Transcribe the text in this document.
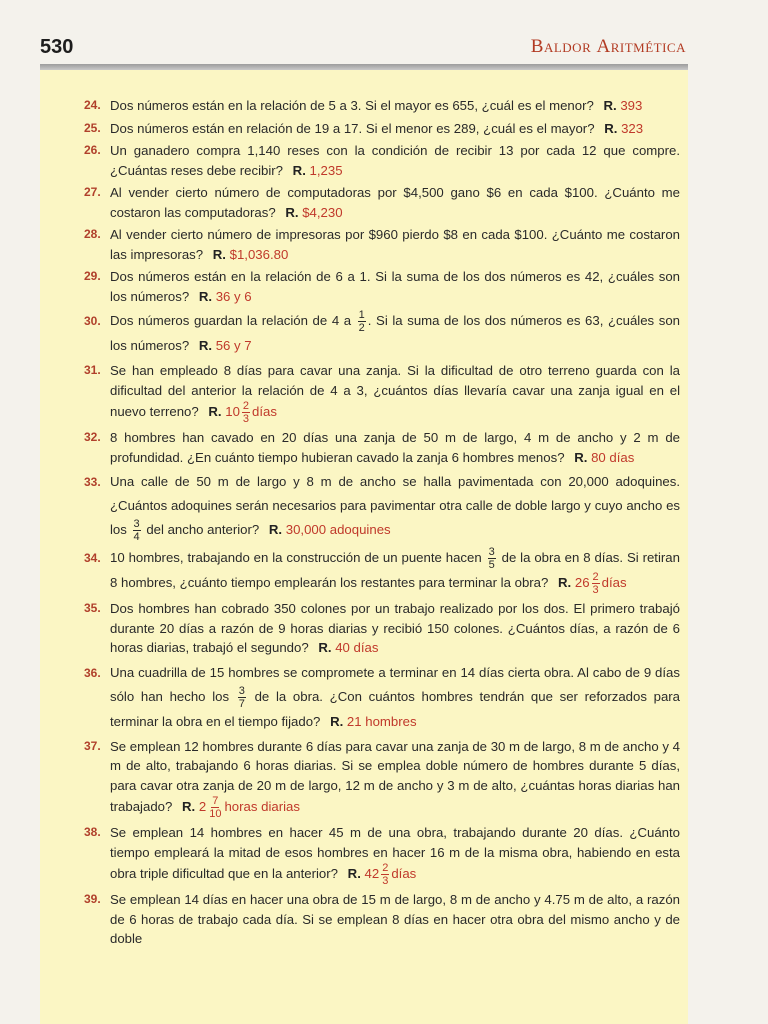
530	Baldor Aritmética
24. Dos números están en la relación de 5 a 3. Si el mayor es 655, ¿cuál es el menor? R. 393
25. Dos números están en relación de 19 a 17. Si el menor es 289, ¿cuál es el mayor? R. 323
26. Un ganadero compra 1,140 reses con la condición de recibir 13 por cada 12 que compre. ¿Cuántas reses debe recibir? R. 1,235
27. Al vender cierto número de computadoras por $4,500 gano $6 en cada $100. ¿Cuánto me costaron las computadoras? R. $4,230
28. Al vender cierto número de impresoras por $960 pierdo $8 en cada $100. ¿Cuánto me costaron las impresoras? R. $1,036.80
29. Dos números están en la relación de 6 a 1. Si la suma de los dos números es 42, ¿cuáles son los números? R. 36 y 6
30. Dos números guardan la relación de 4 a $\frac{1}{2}$ . Si la suma de los dos números es 63, ¿cuáles son los números? R. 56 y 7
31. Se han empleado 8 días para cavar una zanja. Si la dificultad de otro terreno guarda con la dificultad del anterior la relación de 4 a 3, ¿cuántos días llevaría cavar una zanja igual en el nuevo terreno? R. $10 \frac{2}{3}$ días
32. 8 hombres han cavado en 20 días una zanja de 50 m de largo, 4 m de ancho y 2 m de profundidad. ¿En cuánto tiempo hubieran cavado la zanja 6 hombres menos? R. 80 días
33. Una calle de 50 m de largo y 8 m de ancho se halla pavimentada con 20,000 adoquines. ¿Cuántos adoquines serán necesarios para pavimentar otra calle de doble largo y cuyo ancho es los $\frac{3}{4}$ del ancho anterior? R. 30,000 adoquines
34. 10 hombres, trabajando en la construcción de un puente hacen $\frac{3}{5}$ de la obra en 8 días. Si retiran 8 hombres, ¿cuánto tiempo emplearán los restantes para terminar la obra? R. $26 \frac{2}{3}$ días
35. Dos hombres han cobrado 350 colones por un trabajo realizado por los dos. El primero trabajó durante 20 días a razón de 9 horas diarias y recibió 150 colones. ¿Cuántos días, a razón de 6 horas diarias, trabajó el segundo? R. 40 días
36. Una cuadrilla de 15 hombres se compromete a terminar en 14 días cierta obra. Al cabo de 9 días sólo han hecho los $\frac{3}{7}$ de la obra. ¿Con cuántos hombres tendrán que ser reforzados para terminar la obra en el tiempo fijado? R. 21 hombres
37. Se emplean 12 hombres durante 6 días para cavar una zanja de 30 m de largo, 8 m de ancho y 4 m de alto, trabajando 6 horas diarias. Si se emplea doble número de hombres durante 5 días, para cavar otra zanja de 20 m de largo, 12 m de ancho y 3 m de alto, ¿cuántas horas diarias han trabajado? R. $2 \frac{7}{10}$ horas diarias
38. Se emplean 14 hombres en hacer 45 m de una obra, trabajando durante 20 días. ¿Cuánto tiempo empleará la mitad de esos hombres en hacer 16 m de la misma obra, habiendo en esta obra triple dificultad que en la anterior? R. $42 \frac{2}{3}$ días
39. Se emplean 14 días en hacer una obra de 15 m de largo, 8 m de ancho y 4.75 m de alto, a razón de 6 horas de trabajo cada día. Si se emplean 8 días en hacer otra obra del mismo ancho y de doble
